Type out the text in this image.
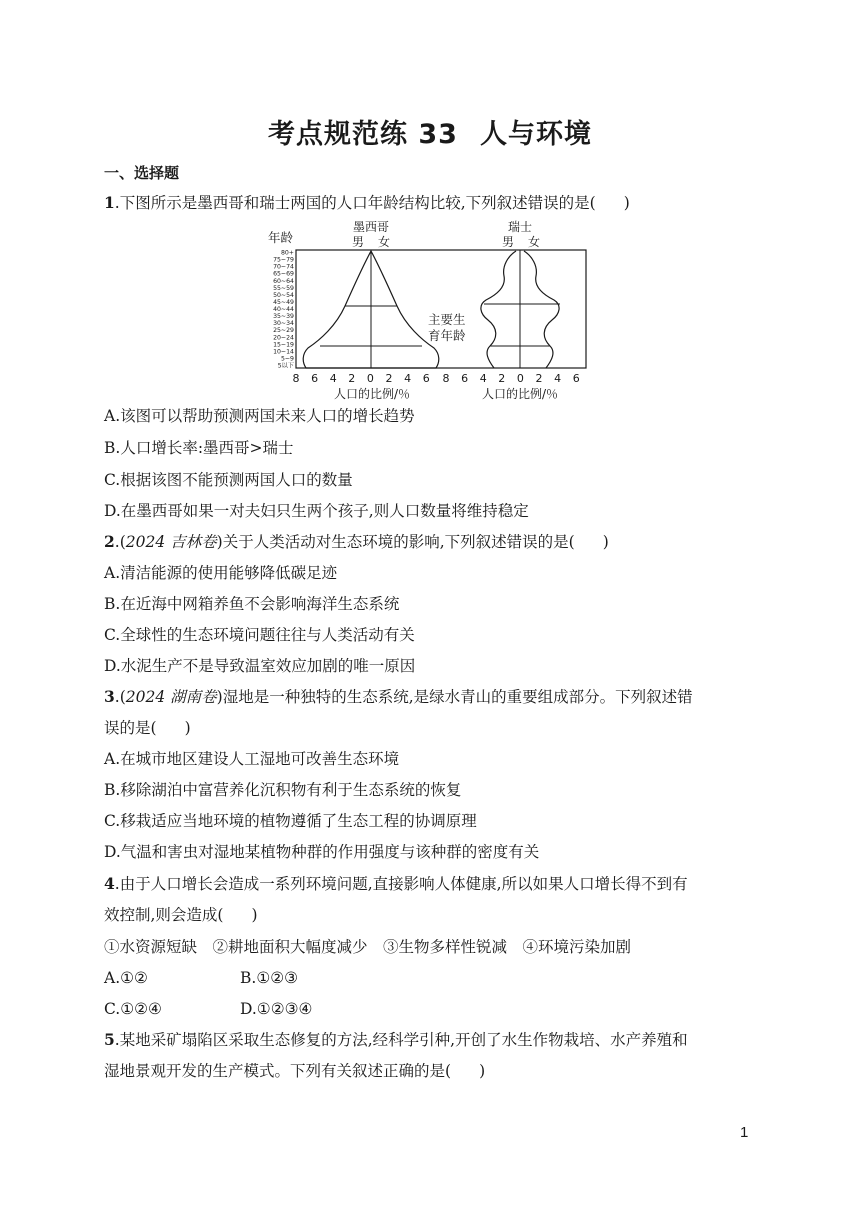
考点规范练 33 人与环境
一、选择题
1.下图所示是墨西哥和瑞士两国的人口年龄结构比较,下列叙述错误的是( )
年龄
墨西哥
男 女
瑞士
男 女
80+
75~79
70~74
65~69
60~64
55~59
50~54
45~49
40~44
35~39
30~34
25~29
20~24
15~19
10~14
5~9
5以下
主要生
育年龄
8 6 4 2 0 2 4 6 8 6 4 2 0 2 4 6
人口的比例/％	人口的比例/％
A.该图可以帮助预测两国未来人口的增长趋势
B.人口增长率:墨西哥>瑞士
C.根据该图不能预测两国人口的数量
D.在墨西哥如果一对夫妇只生两个孩子,则人口数量将维持稳定
2.(2024 吉林卷)关于人类活动对生态环境的影响,下列叙述错误的是( )
A.清洁能源的使用能够降低碳足迹
B.在近海中网箱养鱼不会影响海洋生态系统
C.全球性的生态环境问题往往与人类活动有关
D.水泥生产不是导致温室效应加剧的唯一原因
3.(2024 湖南卷)湿地是一种独特的生态系统,是绿水青山的重要组成部分。下列叙述错
误的是( )
A.在城市地区建设人工湿地可改善生态环境
B.移除湖泊中富营养化沉积物有利于生态系统的恢复
C.移栽适应当地环境的植物遵循了生态工程的协调原理
D.气温和害虫对湿地某植物种群的作用强度与该种群的密度有关
4.由于人口增长会造成一系列环境问题,直接影响人体健康,所以如果人口增长得不到有
效控制,则会造成( )
①水资源短缺　②耕地面积大幅度减少　③生物多样性锐减　④环境污染加剧
A.①②	B.①②③
C.①②④	D.①②③④
5.某地采矿塌陷区采取生态修复的方法,经科学引种,开创了水生作物栽培、水产养殖和
湿地景观开发的生产模式。下列有关叙述正确的是( )
1
